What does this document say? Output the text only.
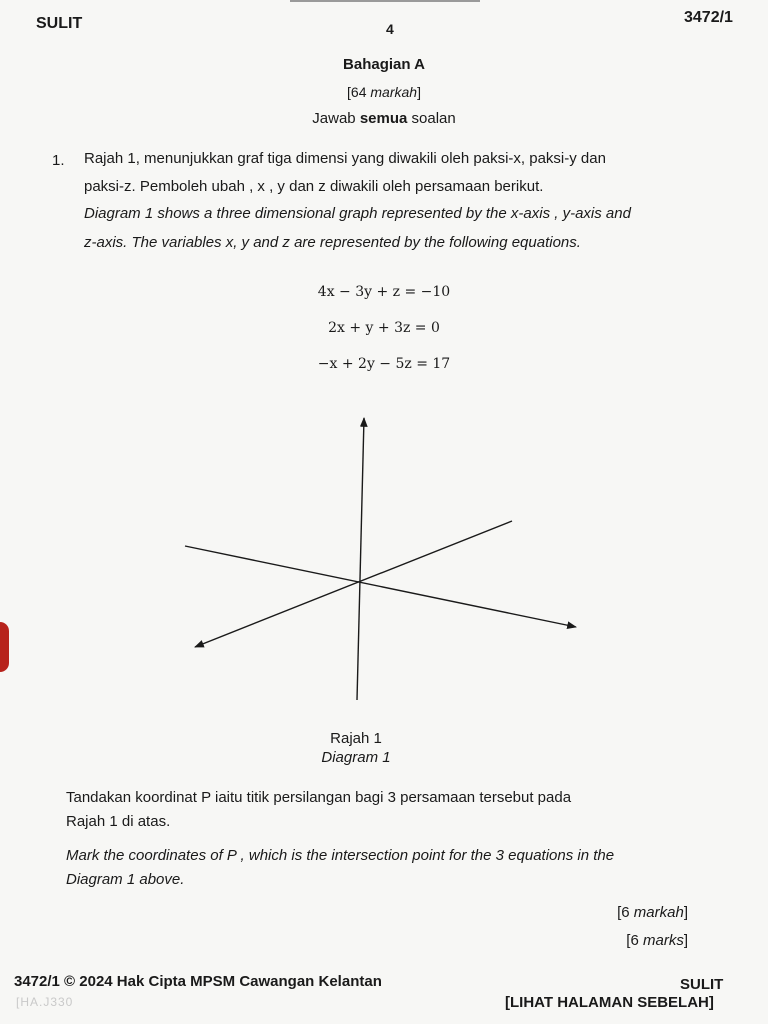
SULIT	4
3472/1
Bahagian A
[64 markah]
Jawab semua soalan
1. Rajah 1, menunjukkan graf tiga dimensi yang diwakili oleh paksi-x, paksi-y dan
paksi-z. Pemboleh ubah , x , y dan z diwakili oleh persamaan berikut.
Diagram 1 shows a three dimensional graph represented by the x-axis , y-axis and
z-axis. The variables x, y and z are represented by the following equations.
4x − 3y + z = −10
2x + y + 3z = 0
−x + 2y − 5z = 17
Rajah 1
Diagram 1
Tandakan koordinat P iaitu titik persilangan bagi 3 persamaan tersebut pada
Rajah 1 di atas.
Mark the coordinates of P , which is the intersection point for the 3 equations in the
Diagram 1 above.
[6 markah]
[6 marks]
3472/1 © 2024 Hak Cipta MPSM Cawangan Kelantan	SULIT
[LIHAT HALAMAN SEBELAH]
[HA.J330
